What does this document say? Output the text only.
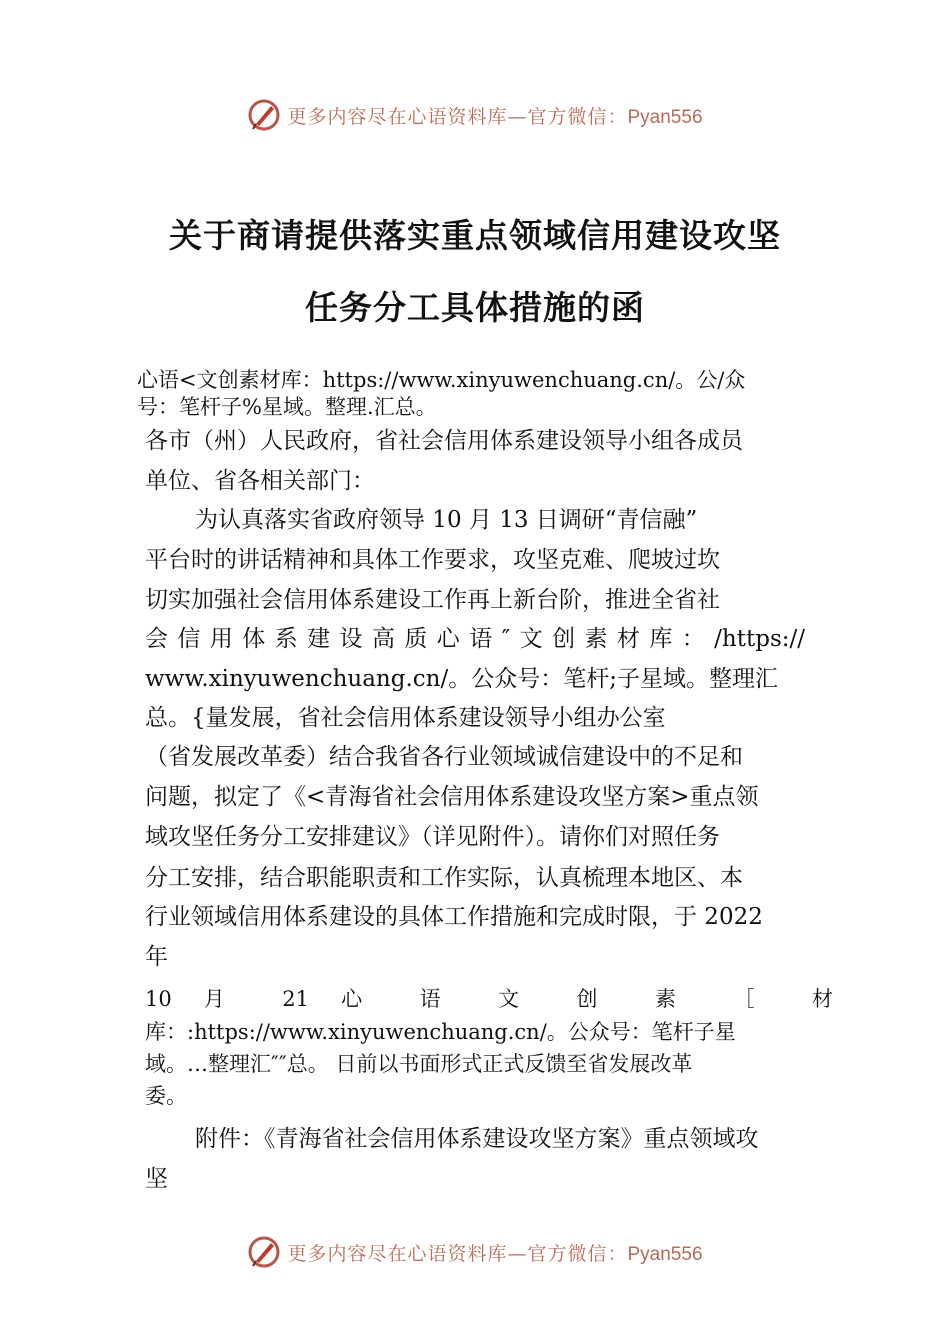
更多内容尽在心语资料库—官方微信：Pyan556
关于商请提供落实重点领域信用建设攻坚
任务分工具体措施的函
心语<文创素材库：https://www.xinyuwenchuang.cn/。公/众
号：笔杆子%星域。整理.汇总。
各市（州）人民政府，省社会信用体系建设领导小组各成员
单位、省各相关部门：
为认真落实省政府领导 10 月 13 日调研“青信融”
平台时的讲话精神和具体工作要求，攻坚克难、爬坡过坎
切实加强社会信用体系建设工作再上新台阶，推进全省社
会信用体系建设高质心语″文创素材库：/https://
www.xinyuwenchuang.cn/。公众号：笔杆;子星域。整理汇
总。{量发展，省社会信用体系建设领导小组办公室
（省发展改革委）结合我省各行业领域诚信建设中的不足和
问题，拟定了《<青海省社会信用体系建设攻坚方案>重点领
域攻坚任务分工安排建议》（详见附件）。请你们对照任务
分工安排，结合职能职责和工作实际，认真梳理本地区、本
行业领域信用体系建设的具体工作措施和完成时限，于 2022
年
10 月 21 心 语 文 创 素 ［ 材
库：:https://www.xinyuwenchuang.cn/。公众号：笔杆子星
域。…整理汇″″总。 日前以书面形式正式反馈至省发展改革
委。
附件：《青海省社会信用体系建设攻坚方案》重点领域攻
坚
更多内容尽在心语资料库—官方微信：Pyan556
